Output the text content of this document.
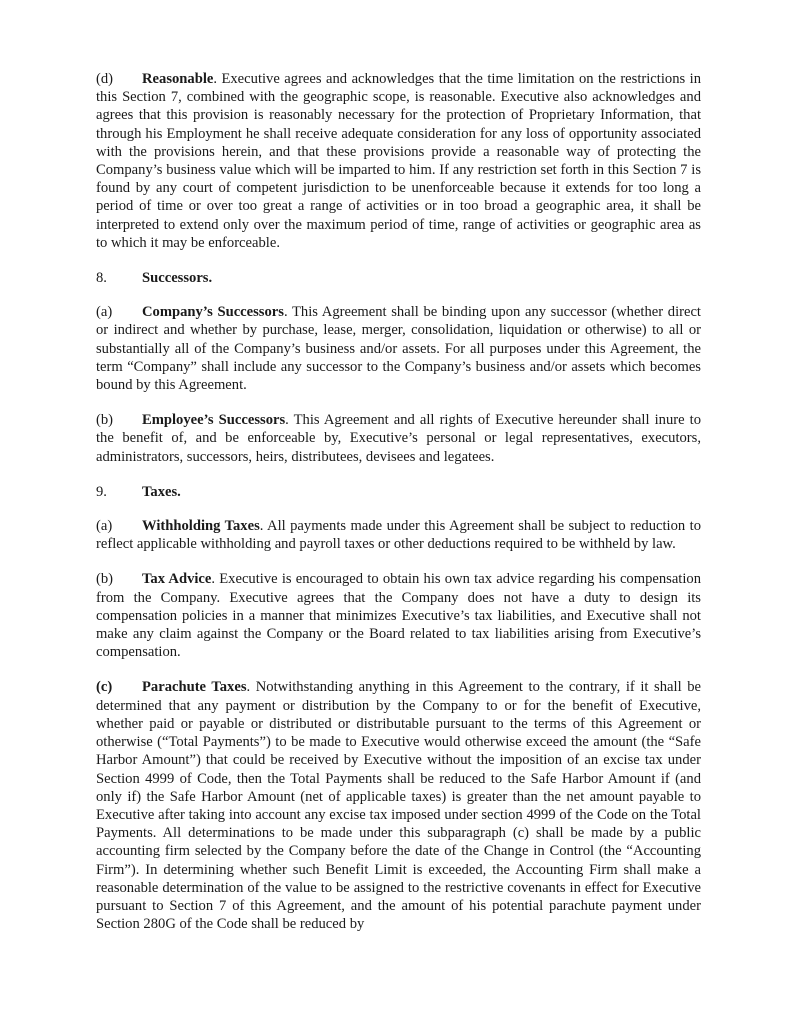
(d) Reasonable. Executive agrees and acknowledges that the time limitation on the restrictions in this Section 7, combined with the geographic scope, is reasonable. Executive also acknowledges and agrees that this provision is reasonably necessary for the protection of Proprietary Information, that through his Employment he shall receive adequate consideration for any loss of opportunity associated with the provisions herein, and that these provisions provide a reasonable way of protecting the Company’s business value which will be imparted to him. If any restriction set forth in this Section 7 is found by any court of competent jurisdiction to be unenforceable because it extends for too long a period of time or over too great a range of activities or in too broad a geographic area, it shall be interpreted to extend only over the maximum period of time, range of activities or geographic area as to which it may be enforceable.

8. Successors.

(a) Company’s Successors. This Agreement shall be binding upon any successor (whether direct or indirect and whether by purchase, lease, merger, consolidation, liquidation or otherwise) to all or substantially all of the Company’s business and/or assets. For all purposes under this Agreement, the term “Company” shall include any successor to the Company’s business and/or assets which becomes bound by this Agreement.

(b) Employee’s Successors. This Agreement and all rights of Executive hereunder shall inure to the benefit of, and be enforceable by, Executive’s personal or legal representatives, executors, administrators, successors, heirs, distributees, devisees and legatees.

9. Taxes.

(a) Withholding Taxes. All payments made under this Agreement shall be subject to reduction to reflect applicable withholding and payroll taxes or other deductions required to be withheld by law.

(b) Tax Advice. Executive is encouraged to obtain his own tax advice regarding his compensation from the Company. Executive agrees that the Company does not have a duty to design its compensation policies in a manner that minimizes Executive’s tax liabilities, and Executive shall not make any claim against the Company or the Board related to tax liabilities arising from Executive’s compensation.

(c) Parachute Taxes. Notwithstanding anything in this Agreement to the contrary, if it shall be determined that any payment or distribution by the Company to or for the benefit of Executive, whether paid or payable or distributed or distributable pursuant to the terms of this Agreement or otherwise (“Total Payments”) to be made to Executive would otherwise exceed the amount (the “Safe Harbor Amount”) that could be received by Executive without the imposition of an excise tax under Section 4999 of Code, then the Total Payments shall be reduced to the Safe Harbor Amount if (and only if) the Safe Harbor Amount (net of applicable taxes) is greater than the net amount payable to Executive after taking into account any excise tax imposed under section 4999 of the Code on the Total Payments. All determinations to be made under this subparagraph (c) shall be made by a public accounting firm selected by the Company before the date of the Change in Control (the “Accounting Firm”). In determining whether such Benefit Limit is exceeded, the Accounting Firm shall make a reasonable determination of the value to be assigned to the restrictive covenants in effect for Executive pursuant to Section 7 of this Agreement, and the amount of his potential parachute payment under Section 280G of the Code shall be reduced by
